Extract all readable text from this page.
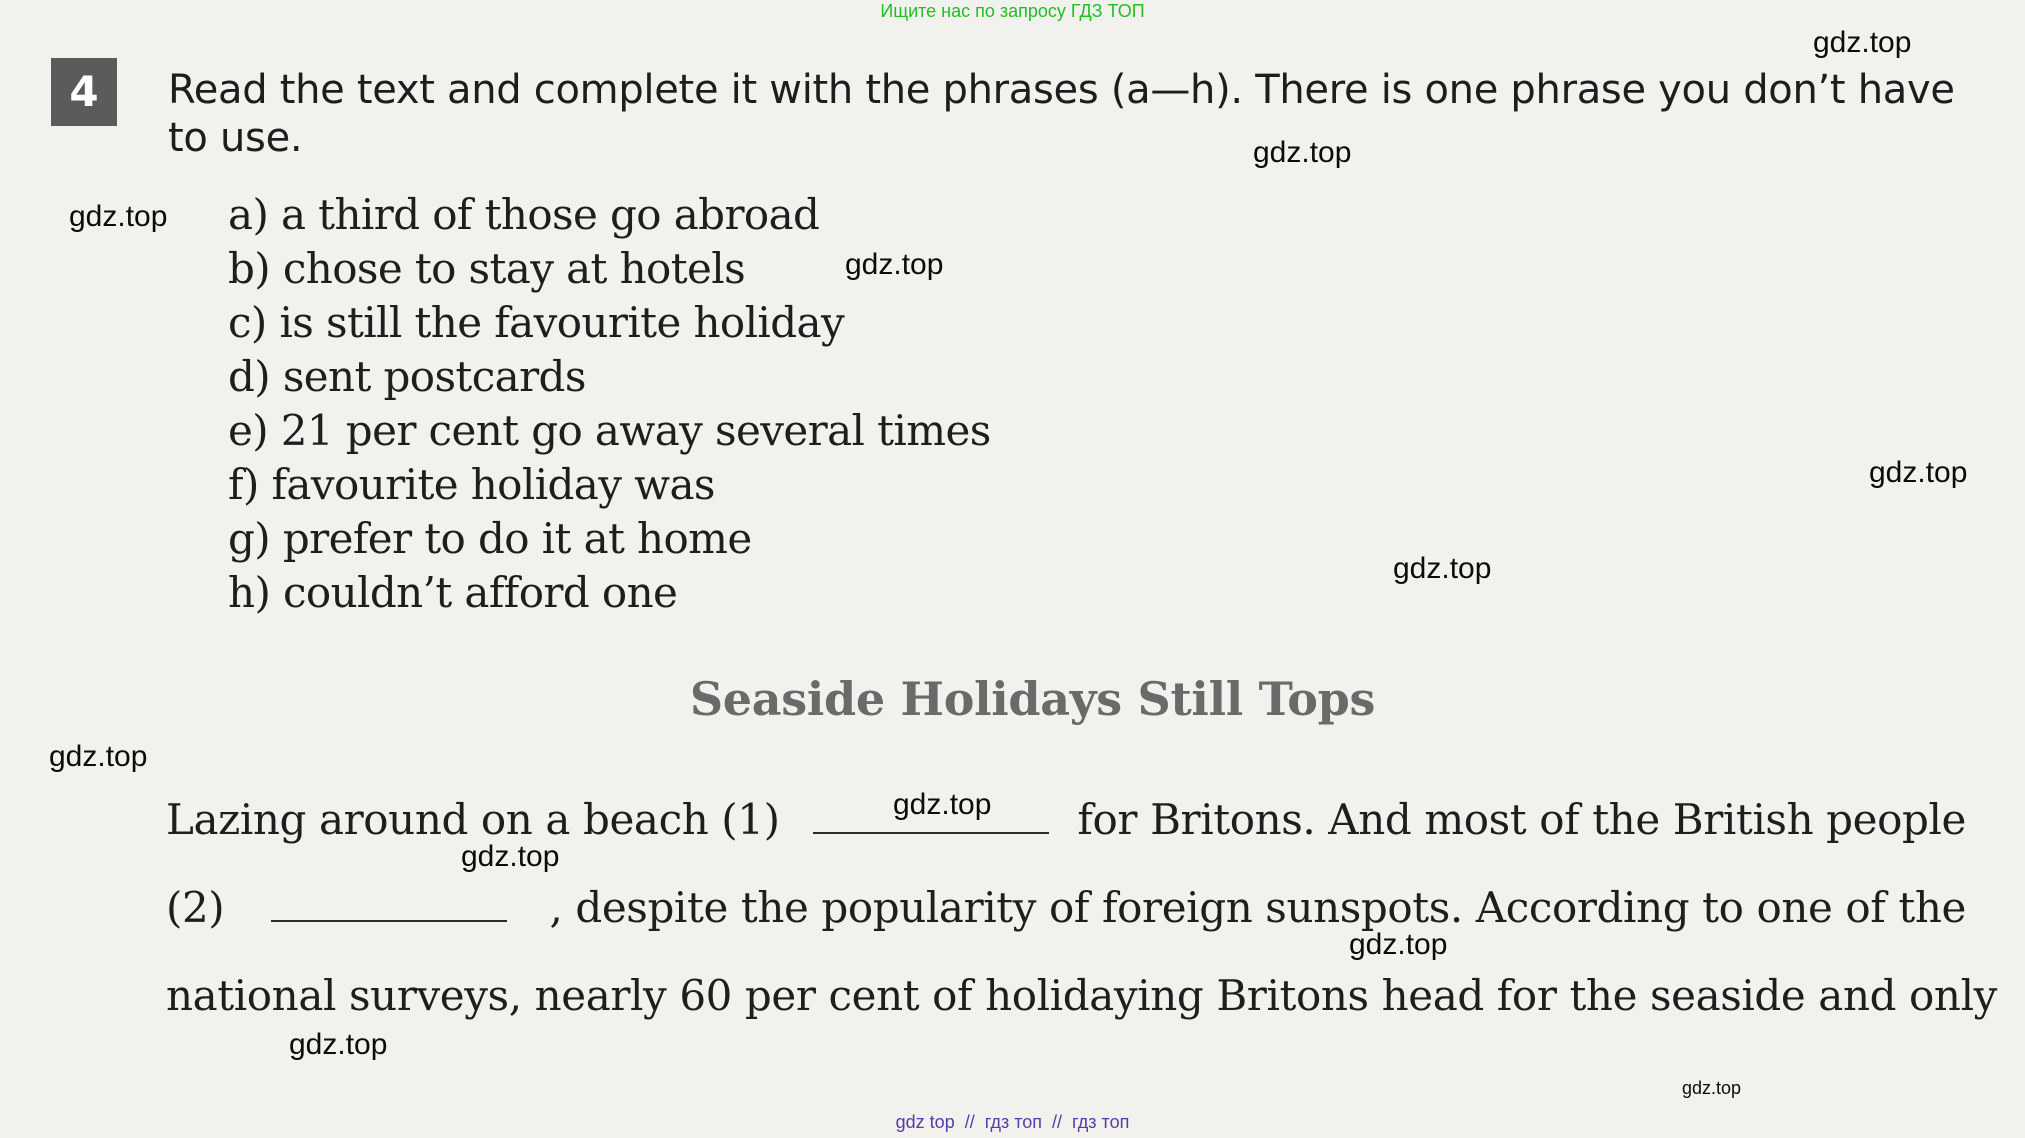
Ищите нас по запросу ГДЗ ТОП
4	Read the text and complete it with the phrases (a—h). There is one phrase you don’t have to use.
a) a third of those go abroad
b) chose to stay at hotels
c) is still the favourite holiday
d) sent postcards
e) 21 per cent go away several times
f) favourite holiday was
g) prefer to do it at home
h) couldn’t afford one
Seaside Holidays Still Tops
Lazing around on a beach (1)	for Britons. And most of the British people
(2)	, despite the popularity of foreign sunspots. According to one of the
national surveys, nearly 60 per cent of holidaying Britons head for the seaside and only
gdz.top
gdz.top
gdz.top
gdz.top
gdz.top
gdz.top
gdz.top
gdz.top
gdz.top
gdz.top
gdz.top
gdz.top
gdz top  //  гдз топ  //  гдз топ
